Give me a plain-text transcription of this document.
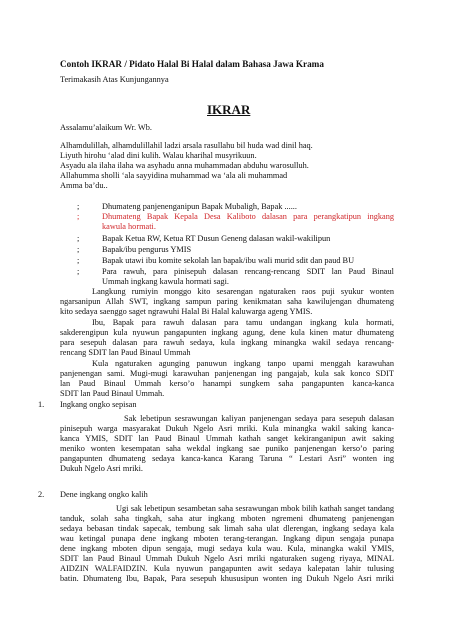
Contoh IKRAR / Pidato Halal Bi Halal dalam Bahasa Jawa Krama
Terimakasih Atas Kunjungannya
IKRAR
Assalamu’alaikum Wr. Wb.
Alhamdulillah, alhamdulillahil ladzi arsala rasullahu bil huda wad dinil haq.
Liyuth hirohu ‘alad dini kulih. Walau kharihal musyrikuun.
Asyadu ala ilaha ilaha wa asyhadu anna muhammadan abduhu warosulluh.
Allahumma sholli ‘ala sayyidina muhammad wa ‘ala ali muhammad
Amma ba’du..
;	Dhumateng panjenenganipun Bapak Mubaligh, Bapak ......
;	Dhumateng Bapak Kepala Desa Kaliboto dalasan para perangkatipun ingkang
kawula hormati.
;	Bapak Ketua RW, Ketua RT Dusun Geneng dalasan wakil-wakilipun
;	Bapak/ibu pengurus YMIS
;	Bapak utawi ibu komite sekolah lan bapak/ibu wali murid sdit dan paud BU
;	Para rawuh, para pinisepuh dalasan rencang-rencang SDIT lan Paud Binaul
Ummah ingkang kawula hormati sagi.
Langkung rumiyin monggo kito sesarengan ngaturaken raos puji syukur wonten
ngarsanipun Allah SWT, ingkang sampun paring kenikmatan saha kawilujengan dhumateng
kito sedaya saenggo saget ngrawuhi Halal Bi Halal kaluwarga ageng YMIS.
Ibu, Bapak para rawuh dalasan para tamu undangan ingkang kula hormati,
sakderengipun kula nyuwun pangapunten ingkang agung, dene kula kinen matur dhumateng
para sesepuh dalasan para rawuh sedaya, kula ingkang minangka wakil sedaya rencang-
rencang SDIT lan Paud Binaul Ummah
Kula ngaturaken agunging panuwun ingkang tanpo upami menggah karawuhan
panjenengan sami. Mugi-mugi karawuhan panjenengan ing pangajab, kula sak konco SDIT
lan Paud Binaul Ummah kerso’o hanampi sungkem saha pangapunten kanca-kanca
SDIT lan Paud Binaul Ummah.
1. Ingkang ongko sepisan
Sak lebetipun sesrawungan kaliyan panjenengan sedaya para sesepuh dalasan
pinisepuh warga masyarakat Dukuh Ngelo Asri mriki. Kula minangka wakil saking kanca-
kanca YMIS, SDIT lan Paud Binaul Ummah kathah sanget kekiranganipun awit saking
meniko wonten kesempatan saha wekdal ingkang sae puniko panjenengan kerso’o paring
pangapunten dhumateng sedaya kanca-kanca Karang Taruna “ Lestari Asri” wonten ing
Dukuh Ngelo Asri mriki.
2. Dene ingkang ongko kalih
Ugi sak lebetipun sesambetan saha sesrawungan mbok bilih kathah sanget tandang
tanduk, solah saha tingkah, saha atur ingkang mboten ngremeni dhumateng panjenengan
sedaya bebasan tindak sapecak, tembung sak limah saha ulat dlerengan, ingkang sedaya kala
wau ketingal punapa dene ingkang mboten terang-terangan. Ingkang dipun sengaja punapa
dene ingkang mboten dipun sengaja, mugi sedaya kula wau. Kula, minangka wakil YMIS,
SDIT lan Paud Binaul Ummah Dukuh Ngelo Asri mriki ngaturaken sugeng riyaya, MINAL
AIDZIN WALFAIDZIN. Kula nyuwun pangapunten awit sedaya kalepatan lahir tulusing
batin. Dhumateng Ibu, Bapak, Para sesepuh khususipun wonten ing Dukuh Ngelo Asri mriki
